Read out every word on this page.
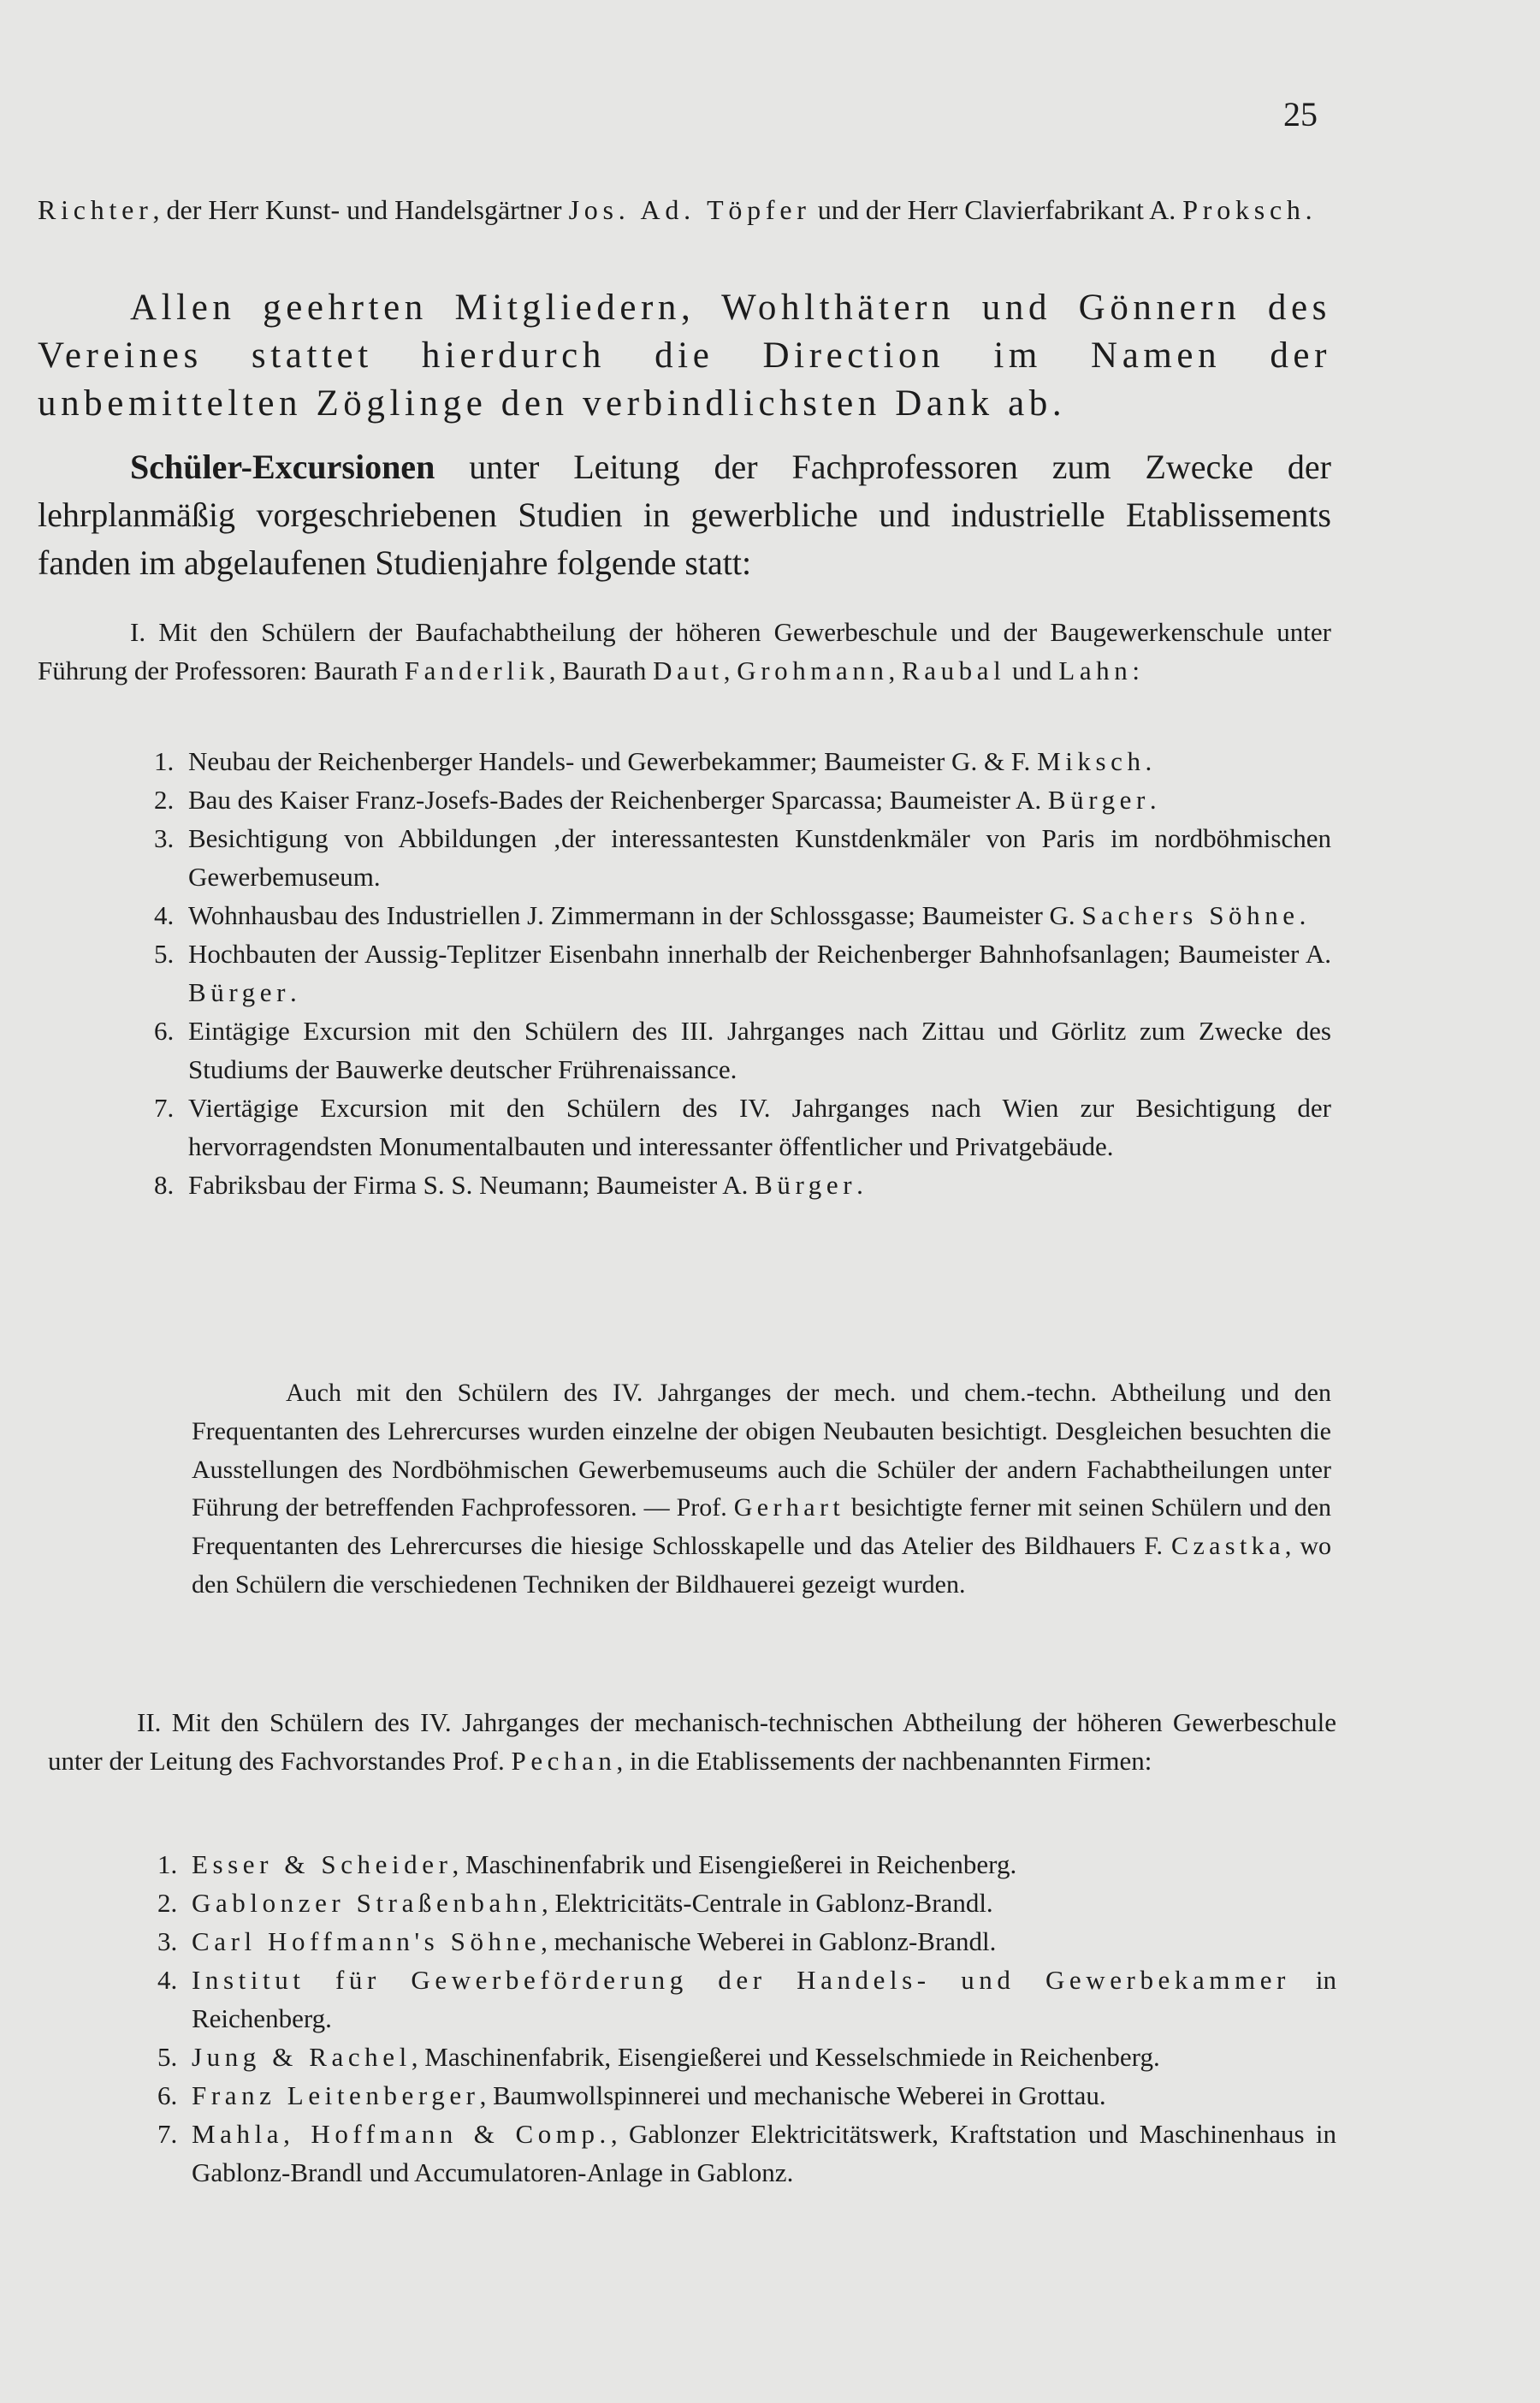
25

Richter, der Herr Kunst- und Handelsgärtner Jos. Ad. Töpfer und der Herr Clavierfabrikant A. Proksch.

Allen geehrten Mitgliedern, Wohlthätern und Gönnern des Vereines stattet hierdurch die Direction im Namen der unbemittelten Zöglinge den verbindlichsten Dank ab.

Schüler-Excursionen unter Leitung der Fachprofessoren zum Zwecke der lehrplanmäßig vorgeschriebenen Studien in gewerbliche und industrielle Etablissements fanden im abgelaufenen Studienjahre folgende statt:

I. Mit den Schülern der Baufachabtheilung der höheren Gewerbeschule und der Baugewerkenschule unter Führung der Professoren: Baurath Fanderlik, Baurath Daut, Grohmann, Raubal und Lahn:

1. Neubau der Reichenberger Handels- und Gewerbekammer; Baumeister G. & F. Miksch.
2. Bau des Kaiser Franz-Josefs-Bades der Reichenberger Sparcassa; Baumeister A. Bürger.
3. Besichtigung von Abbildungen ‚der interessantesten Kunstdenkmäler von Paris im nordböhmischen Gewerbemuseum.
4. Wohnhausbau des Industriellen J. Zimmermann in der Schlossgasse; Baumeister G. Sachers Söhne.
5. Hochbauten der Aussig-Teplitzer Eisenbahn innerhalb der Reichenberger Bahnhofsanlagen; Baumeister A. Bürger.
6. Eintägige Excursion mit den Schülern des III. Jahrganges nach Zittau und Görlitz zum Zwecke des Studiums der Bauwerke deutscher Frührenaissance.
7. Viertägige Excursion mit den Schülern des IV. Jahrganges nach Wien zur Besichtigung der hervorragendsten Monumentalbauten und interessanter öffentlicher und Privatgebäude.
8. Fabriksbau der Firma S. S. Neumann; Baumeister A. Bürger.

Auch mit den Schülern des IV. Jahrganges der mech. und chem.-techn. Abtheilung und den Frequentanten des Lehrercurses wurden einzelne der obigen Neubauten besichtigt. Desgleichen besuchten die Ausstellungen des Nordböhmischen Gewerbemuseums auch die Schüler der andern Fachabtheilungen unter Führung der betreffenden Fachprofessoren. — Prof. Gerhart besichtigte ferner mit seinen Schülern und den Frequentanten des Lehrercurses die hiesige Schlosskapelle und das Atelier des Bildhauers F. Czastka, wo den Schülern die verschiedenen Techniken der Bildhauerei gezeigt wurden.

II. Mit den Schülern des IV. Jahrganges der mechanisch-technischen Abtheilung der höheren Gewerbeschule unter der Leitung des Fachvorstandes Prof. Pechan, in die Etablissements der nachbenannten Firmen:

1. Esser & Scheider, Maschinenfabrik und Eisengießerei in Reichenberg.
2. Gablonzer Straßenbahn, Elektricitäts-Centrale in Gablonz-Brandl.
3. Carl Hoffmann's Söhne, mechanische Weberei in Gablonz-Brandl.
4. Institut für Gewerbeförderung der Handels- und Gewerbekammer in Reichenberg.
5. Jung & Rachel, Maschinenfabrik, Eisengießerei und Kesselschmiede in Reichenberg.
6. Franz Leitenberger, Baumwollspinnerei und mechanische Weberei in Grottau.
7. Mahla, Hoffmann & Comp., Gablonzer Elektricitätswerk, Kraftstation und Maschinenhaus in Gablonz-Brandl und Accumulatoren-Anlage in Gablonz.
